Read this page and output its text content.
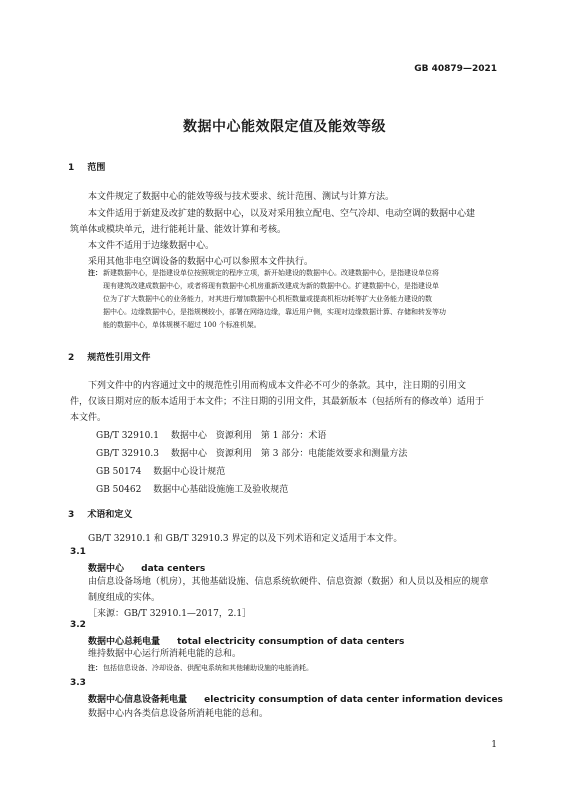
GB 40879—2021
数据中心能效限定值及能效等级
1 范围
本文件规定了数据中心的能效等级与技术要求、统计范围、测试与计算方法。
本文件适用于新建及改扩建的数据中心，以及对采用独立配电、空气冷却、电动空调的数据中心建
筑单体或模块单元，进行能耗计量、能效计算和考核。
本文件不适用于边缘数据中心。
采用其他非电空调设备的数据中心可以参照本文件执行。
注： 新建数据中心，是指建设单位按照规定的程序立项，新开始建设的数据中心。改建数据中心，是指建设单位将
现有建筑改建成数据中心，或者将现有数据中心机房重新改建成为新的数据中心。扩建数据中心，是指建设单
位为了扩大数据中心的业务能力，对其进行增加数据中心机柜数量或提高机柜功耗等扩大业务能力建设的数
据中心。边缘数据中心，是指规模较小，部署在网络边缘，靠近用户侧，实现对边缘数据计算、存储和转发等功
能的数据中心，单体规模不超过 100 个标准机架。
2 规范性引用文件
下列文件中的内容通过文中的规范性引用而构成本文件必不可少的条款。其中，注日期的引用文
件，仅该日期对应的版本适用于本文件；不注日期的引用文件，其最新版本（包括所有的修改单）适用于
本文件。
GB/T 32910.1 数据中心　资源利用　第 1 部分：术语
GB/T 32910.3 数据中心　资源利用　第 3 部分：电能能效要求和测量方法
GB 50174 数据中心设计规范
GB 50462 数据中心基础设施施工及验收规范
3 术语和定义
GB/T 32910.1 和 GB/T 32910.3 界定的以及下列术语和定义适用于本文件。
3.1
数据中心 data centers
由信息设备场地（机房），其他基础设施、信息系统软硬件、信息资源（数据）和人员以及相应的规章
制度组成的实体。
［来源：GB/T 32910.1—2017，2.1］
3.2
数据中心总耗电量 total electricity consumption of data centers
维持数据中心运行所消耗电能的总和。
注： 包括信息设备、冷却设备、供配电系统和其他辅助设施的电能消耗。
3.3
数据中心信息设备耗电量 electricity consumption of data center information devices
数据中心内各类信息设备所消耗电能的总和。
1
